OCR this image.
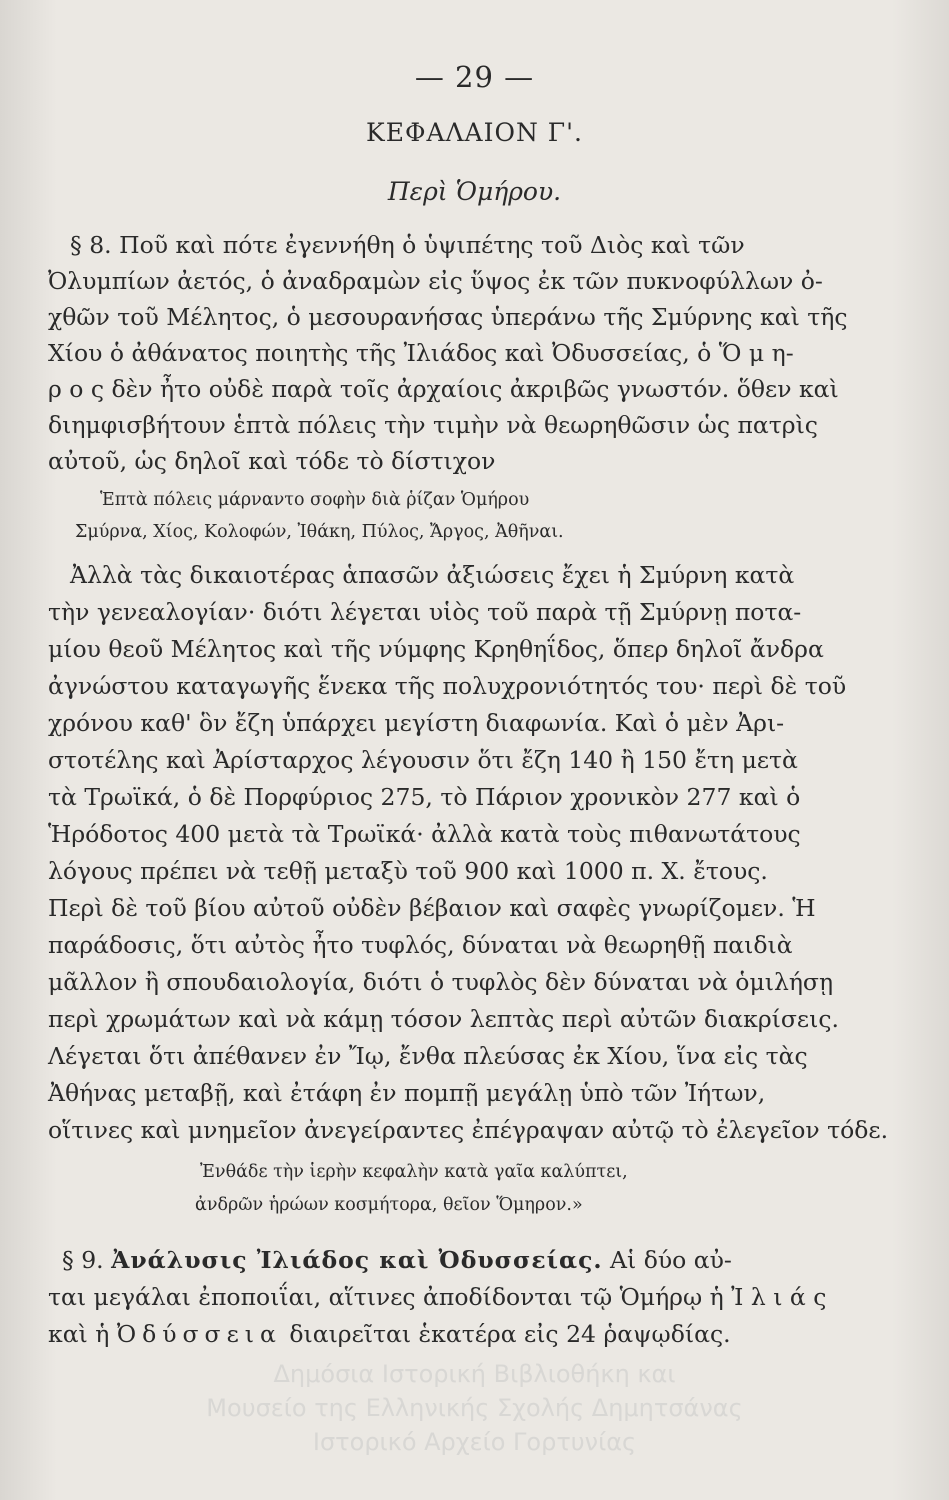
— 29 —
ΚΕΦΑΛΑΙΟΝ Γ'.
Περὶ Ὁμήρου.
§ 8. Ποῦ καὶ πότε ἐγεννήθη ὁ ὑψιπέτης τοῦ Διὸς καὶ τῶν
Ὀλυμπίων ἀετός, ὁ ἀναδραμὼν εἰς ὕψος ἐκ τῶν πυκνοφύλλων ὀ-
χθῶν τοῦ Μέλητος, ὁ μεσουρανήσας ὑπεράνω τῆς Σμύρνης καὶ τῆς
Χίου ὁ ἀθάνατος ποιητὴς τῆς Ἰλιάδος καὶ Ὀδυσσείας, ὁ Ὅ μ η-
ρ ο ς δὲν ἦτο οὐδὲ παρὰ τοῖς ἀρχαίοις ἀκριβῶς γνωστόν. ὅθεν καὶ
διημφισβήτουν ἑπτὰ πόλεις τὴν τιμὴν νὰ θεωρηθῶσιν ὡς πατρὶς
αὐτοῦ, ὡς δηλοῖ καὶ τόδε τὸ δίστιχον
Ἑπτὰ πόλεις μάρναντο σοφὴν διὰ ῥίζαν Ὁμήρου
Σμύρνα, Χίος, Κολοφών, Ἰθάκη, Πύλος, Ἄργος, Ἀθῆναι.
Ἀλλὰ τὰς δικαιοτέρας ἁπασῶν ἀξιώσεις ἔχει ἡ Σμύρνη κατὰ
τὴν γενεαλογίαν· διότι λέγεται υἱὸς τοῦ παρὰ τῇ Σμύρνῃ ποτα-
μίου θεοῦ Μέλητος καὶ τῆς νύμφης Κρηθηΐδος, ὅπερ δηλοῖ ἄνδρα
ἀγνώστου καταγωγῆς ἕνεκα τῆς πολυχρονιότητός του· περὶ δὲ τοῦ
χρόνου καθ' ὃν ἔζη ὑπάρχει μεγίστη διαφωνία. Καὶ ὁ μὲν Ἀρι-
στοτέλης καὶ Ἀρίσταρχος λέγουσιν ὅτι ἔζη 140 ἢ 150 ἔτη μετὰ
τὰ Τρωϊκά, ὁ δὲ Πορφύριος 275, τὸ Πάριον χρονικὸν 277 καὶ ὁ
Ἡρόδοτος 400 μετὰ τὰ Τρωϊκά· ἀλλὰ κατὰ τοὺς πιθανωτάτους
λόγους πρέπει νὰ τεθῇ μεταξὺ τοῦ 900 καὶ 1000 π. Χ. ἔτους.
Περὶ δὲ τοῦ βίου αὐτοῦ οὐδὲν βέβαιον καὶ σαφὲς γνωρίζομεν. Ἡ
παράδοσις, ὅτι αὐτὸς ἦτο τυφλός, δύναται νὰ θεωρηθῇ παιδιὰ
μᾶλλον ἢ σπουδαιολογία, διότι ὁ τυφλὸς δὲν δύναται νὰ ὁμιλήσῃ
περὶ χρωμάτων καὶ νὰ κάμῃ τόσον λεπτὰς περὶ αὐτῶν διακρίσεις.
Λέγεται ὅτι ἀπέθανεν ἐν Ἴῳ, ἔνθα πλεύσας ἐκ Χίου, ἵνα εἰς τὰς
Ἀθήνας μεταβῇ, καὶ ἐτάφη ἐν πομπῇ μεγάλῃ ὑπὸ τῶν Ἰήτων,
οἵτινες καὶ μνημεῖον ἀνεγείραντες ἐπέγραψαν αὐτῷ τὸ ἐλεγεῖον τόδε.
Ἐνθάδε τὴν ἱερὴν κεφαλὴν κατὰ γαῖα καλύπτει,
ἀνδρῶν ἡρώων κοσμήτορα, θεῖον Ὅμηρον.»
§ 9. Ἀνάλυσις Ἰλιάδος καὶ Ὀδυσσείας. Αἱ δύο αὐ-
ται μεγάλαι ἐποποιΐαι, αἵτινες ἀποδίδονται τῷ Ὁμήρῳ ἡ Ἰ λ ι ά ς
καὶ ἡ Ὀδύσσεια διαιρεῖται ἑκατέρα εἰς 24 ῥαψῳδίας.
Δημόσια Ιστορική Βιβλιοθήκη και
Μουσείο της Ελληνικής Σχολής Δημητσάνας
Ιστορικό Αρχείο Γορτυνίας
